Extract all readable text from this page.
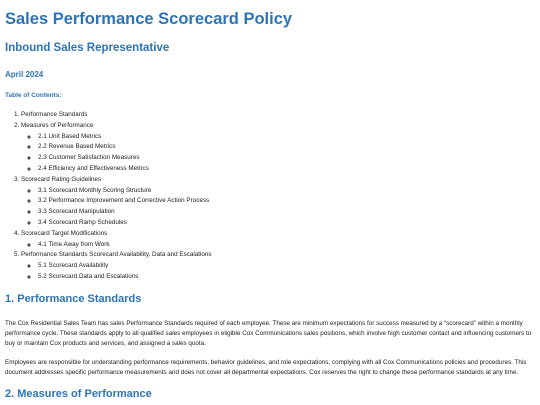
Sales Performance Scorecard Policy
Inbound Sales Representative
April 2024
Table of Contents:
1. Performance Standards
2. Measures of Performance
◦ 2.1 Unit Based Metrics
◦ 2.2 Revenue Based Metrics
◦ 2.3 Customer Satisfaction Measures
◦ 2.4 Efficiency and Effectiveness Metrics
3. Scorecard Rating Guidelines
◦ 3.1 Scorecard Monthly Scoring Structure
◦ 3.2 Performance Improvement and Corrective Action Process
◦ 3.3 Scorecard Manipulation
◦ 3.4 Scorecard Ramp Schedules
4. Scorecard Target Modifications
◦ 4.1 Time Away from Work
5. Performance Standards Scorecard Availability, Data and Escalations
◦ 5.1 Scorecard Availability
◦ 5.2 Scorecard Data and Escalations
1. Performance Standards

The Cox Residential Sales Team has sales Performance Standards required of each employee. These are minimum expectations for success measured by a “scorecard” within a monthly performance cycle. These standards apply to all qualified sales employees in eligible Cox Communications sales positions, which involve high customer contact and influencing customers to buy or maintain Cox products and services, and assigned a sales quota.

Employees are responsible for understanding performance requirements, behavior guidelines, and role expectations, complying with all Cox Communications policies and procedures. This document addresses specific performance measurements and does not cover all departmental expectations. Cox reserves the right to change these performance standards at any time.

2. Measures of Performance
